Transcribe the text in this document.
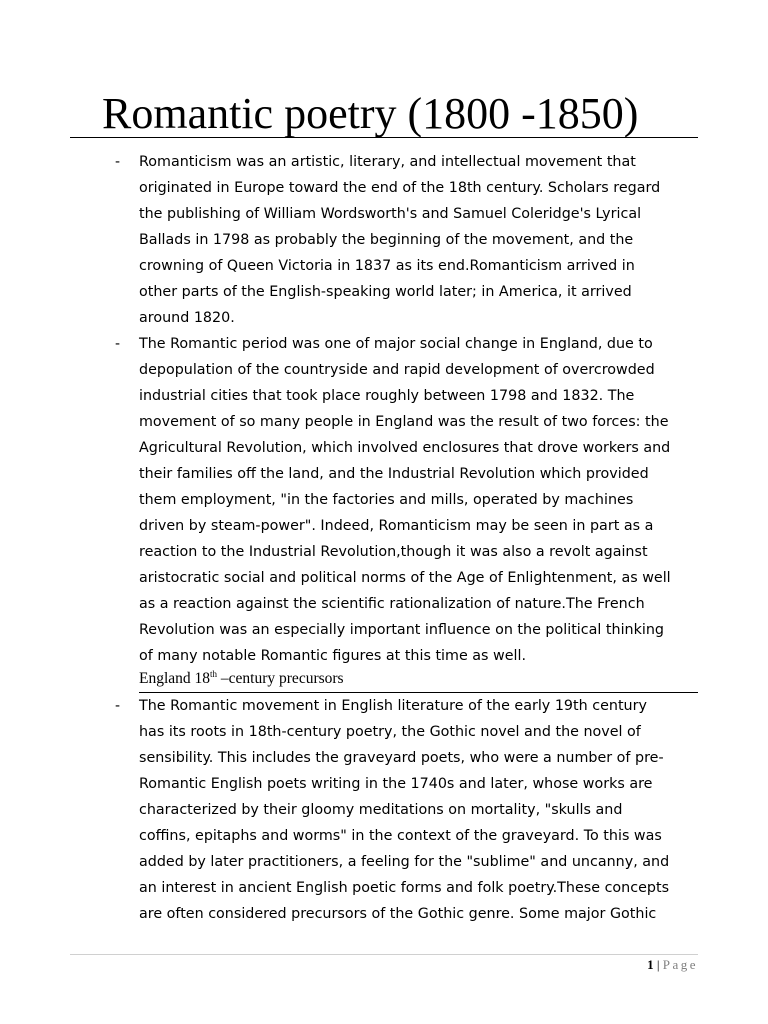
Romantic poetry (1800 -1850)
- Romanticism was an artistic, literary, and intellectual movement that
originated in Europe toward the end of the 18th century. Scholars regard
the publishing of William Wordsworth's and Samuel Coleridge's Lyrical
Ballads in 1798 as probably the beginning of the movement, and the
crowning of Queen Victoria in 1837 as its end.Romanticism arrived in
other parts of the English-speaking world later; in America, it arrived
around 1820.
- The Romantic period was one of major social change in England, due to
depopulation of the countryside and rapid development of overcrowded
industrial cities that took place roughly between 1798 and 1832. The
movement of so many people in England was the result of two forces: the
Agricultural Revolution, which involved enclosures that drove workers and
their families off the land, and the Industrial Revolution which provided
them employment, "in the factories and mills, operated by machines
driven by steam-power". Indeed, Romanticism may be seen in part as a
reaction to the Industrial Revolution,though it was also a revolt against
aristocratic social and political norms of the Age of Enlightenment, as well
as a reaction against the scientific rationalization of nature.The French
Revolution was an especially important influence on the political thinking
of many notable Romantic figures at this time as well.
England 18th –century precursors
- The Romantic movement in English literature of the early 19th century
has its roots in 18th-century poetry, the Gothic novel and the novel of
sensibility. This includes the graveyard poets, who were a number of pre-
Romantic English poets writing in the 1740s and later, whose works are
characterized by their gloomy meditations on mortality, "skulls and
coffins, epitaphs and worms" in the context of the graveyard. To this was
added by later practitioners, a feeling for the "sublime" and uncanny, and
an interest in ancient English poetic forms and folk poetry.These concepts
are often considered precursors of the Gothic genre. Some major Gothic
1 | Page
